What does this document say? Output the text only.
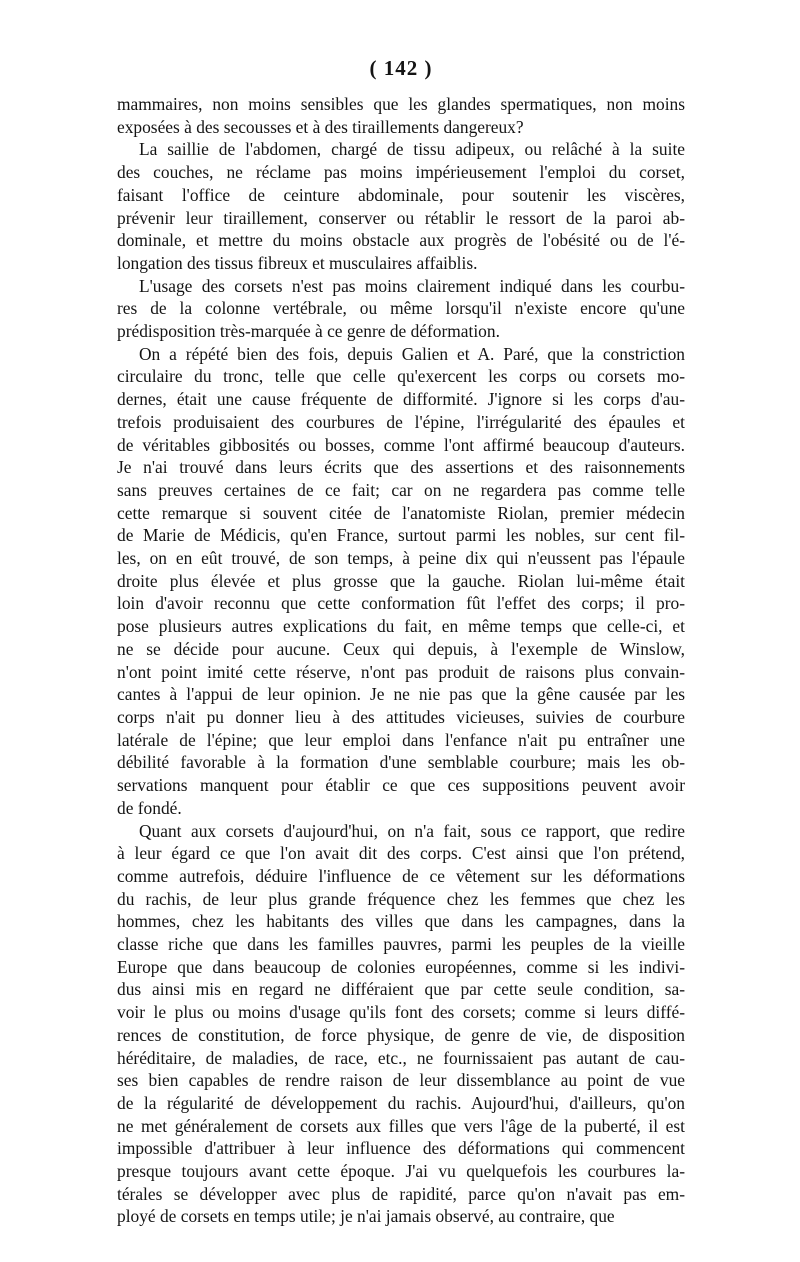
( 142 )
mammaires, non moins sensibles que les glandes spermatiques, non moins
exposées à des secousses et à des tiraillements dangereux?
La saillie de l'abdomen, chargé de tissu adipeux, ou relâché à la suite
des couches, ne réclame pas moins impérieusement l'emploi du corset,
faisant l'office de ceinture abdominale, pour soutenir les viscères,
prévenir leur tiraillement, conserver ou rétablir le ressort de la paroi ab-
dominale, et mettre du moins obstacle aux progrès de l'obésité ou de l'é-
longation des tissus fibreux et musculaires affaiblis.
L'usage des corsets n'est pas moins clairement indiqué dans les courbu-
res de la colonne vertébrale, ou même lorsqu'il n'existe encore qu'une
prédisposition très-marquée à ce genre de déformation.
On a répété bien des fois, depuis Galien et A. Paré, que la constriction
circulaire du tronc, telle que celle qu'exercent les corps ou corsets mo-
dernes, était une cause fréquente de difformité. J'ignore si les corps d'au-
trefois produisaient des courbures de l'épine, l'irrégularité des épaules et
de véritables gibbosités ou bosses, comme l'ont affirmé beaucoup d'auteurs.
Je n'ai trouvé dans leurs écrits que des assertions et des raisonnements
sans preuves certaines de ce fait; car on ne regardera pas comme telle
cette remarque si souvent citée de l'anatomiste Riolan, premier médecin
de Marie de Médicis, qu'en France, surtout parmi les nobles, sur cent fil-
les, on en eût trouvé, de son temps, à peine dix qui n'eussent pas l'épaule
droite plus élevée et plus grosse que la gauche. Riolan lui-même était
loin d'avoir reconnu que cette conformation fût l'effet des corps; il pro-
pose plusieurs autres explications du fait, en même temps que celle-ci, et
ne se décide pour aucune. Ceux qui depuis, à l'exemple de Winslow,
n'ont point imité cette réserve, n'ont pas produit de raisons plus convain-
cantes à l'appui de leur opinion. Je ne nie pas que la gêne causée par les
corps n'ait pu donner lieu à des attitudes vicieuses, suivies de courbure
latérale de l'épine; que leur emploi dans l'enfance n'ait pu entraîner une
débilité favorable à la formation d'une semblable courbure; mais les ob-
servations manquent pour établir ce que ces suppositions peuvent avoir
de fondé.
Quant aux corsets d'aujourd'hui, on n'a fait, sous ce rapport, que redire
à leur égard ce que l'on avait dit des corps. C'est ainsi que l'on prétend,
comme autrefois, déduire l'influence de ce vêtement sur les déformations
du rachis, de leur plus grande fréquence chez les femmes que chez les
hommes, chez les habitants des villes que dans les campagnes, dans la
classe riche que dans les familles pauvres, parmi les peuples de la vieille
Europe que dans beaucoup de colonies européennes, comme si les indivi-
dus ainsi mis en regard ne différaient que par cette seule condition, sa-
voir le plus ou moins d'usage qu'ils font des corsets; comme si leurs diffé-
rences de constitution, de force physique, de genre de vie, de disposition
héréditaire, de maladies, de race, etc., ne fournissaient pas autant de cau-
ses bien capables de rendre raison de leur dissemblance au point de vue
de la régularité de développement du rachis. Aujourd'hui, d'ailleurs, qu'on
ne met généralement de corsets aux filles que vers l'âge de la puberté, il est
impossible d'attribuer à leur influence des déformations qui commencent
presque toujours avant cette époque. J'ai vu quelquefois les courbures la-
térales se développer avec plus de rapidité, parce qu'on n'avait pas em-
ployé de corsets en temps utile; je n'ai jamais observé, au contraire, que
